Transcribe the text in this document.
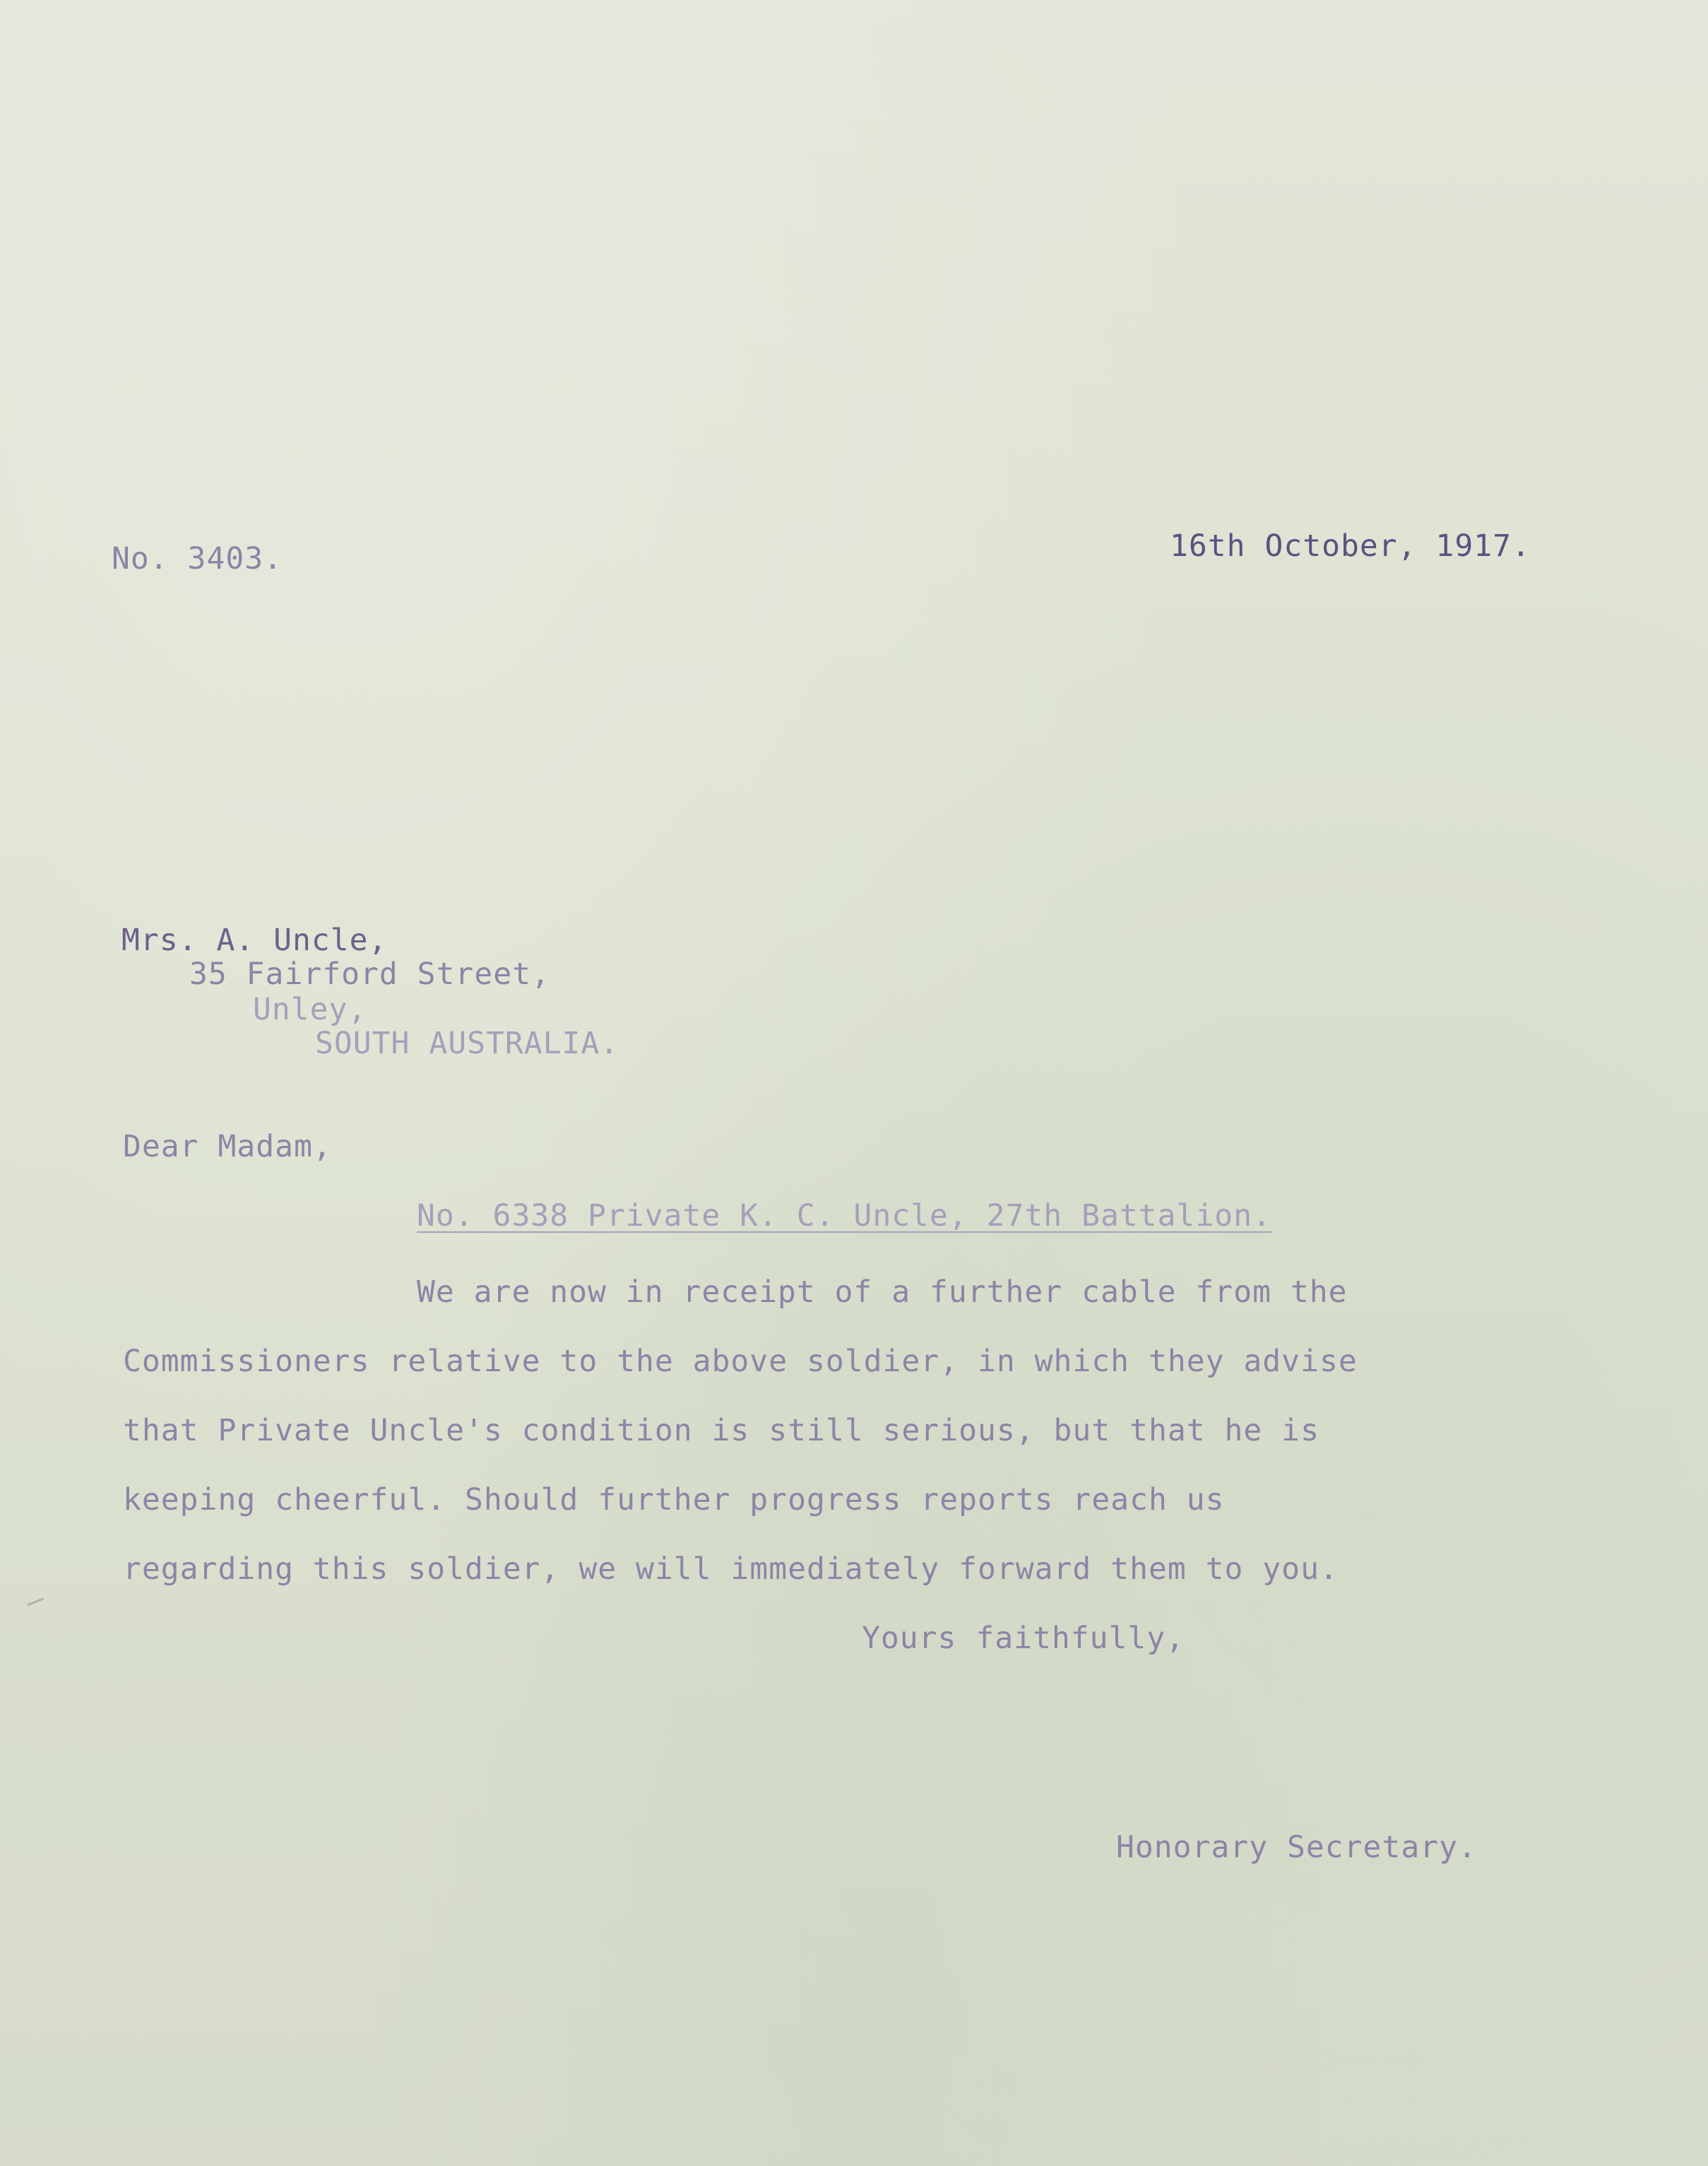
No. 3403.	16th October, 1917.
Mrs. A. Uncle,
35 Fairford Street,
Unley,
SOUTH AUSTRALIA.
Dear Madam,
No. 6338 Private K. C. Uncle, 27th Battalion.
We are now in receipt of a further cable from the
Commissioners relative to the above soldier, in which they advise
that Private Uncle's condition is still serious, but that he is
keeping cheerful. Should further progress reports reach us
regarding this soldier, we will immediately forward them to you.
Yours faithfully,
Honorary Secretary.
